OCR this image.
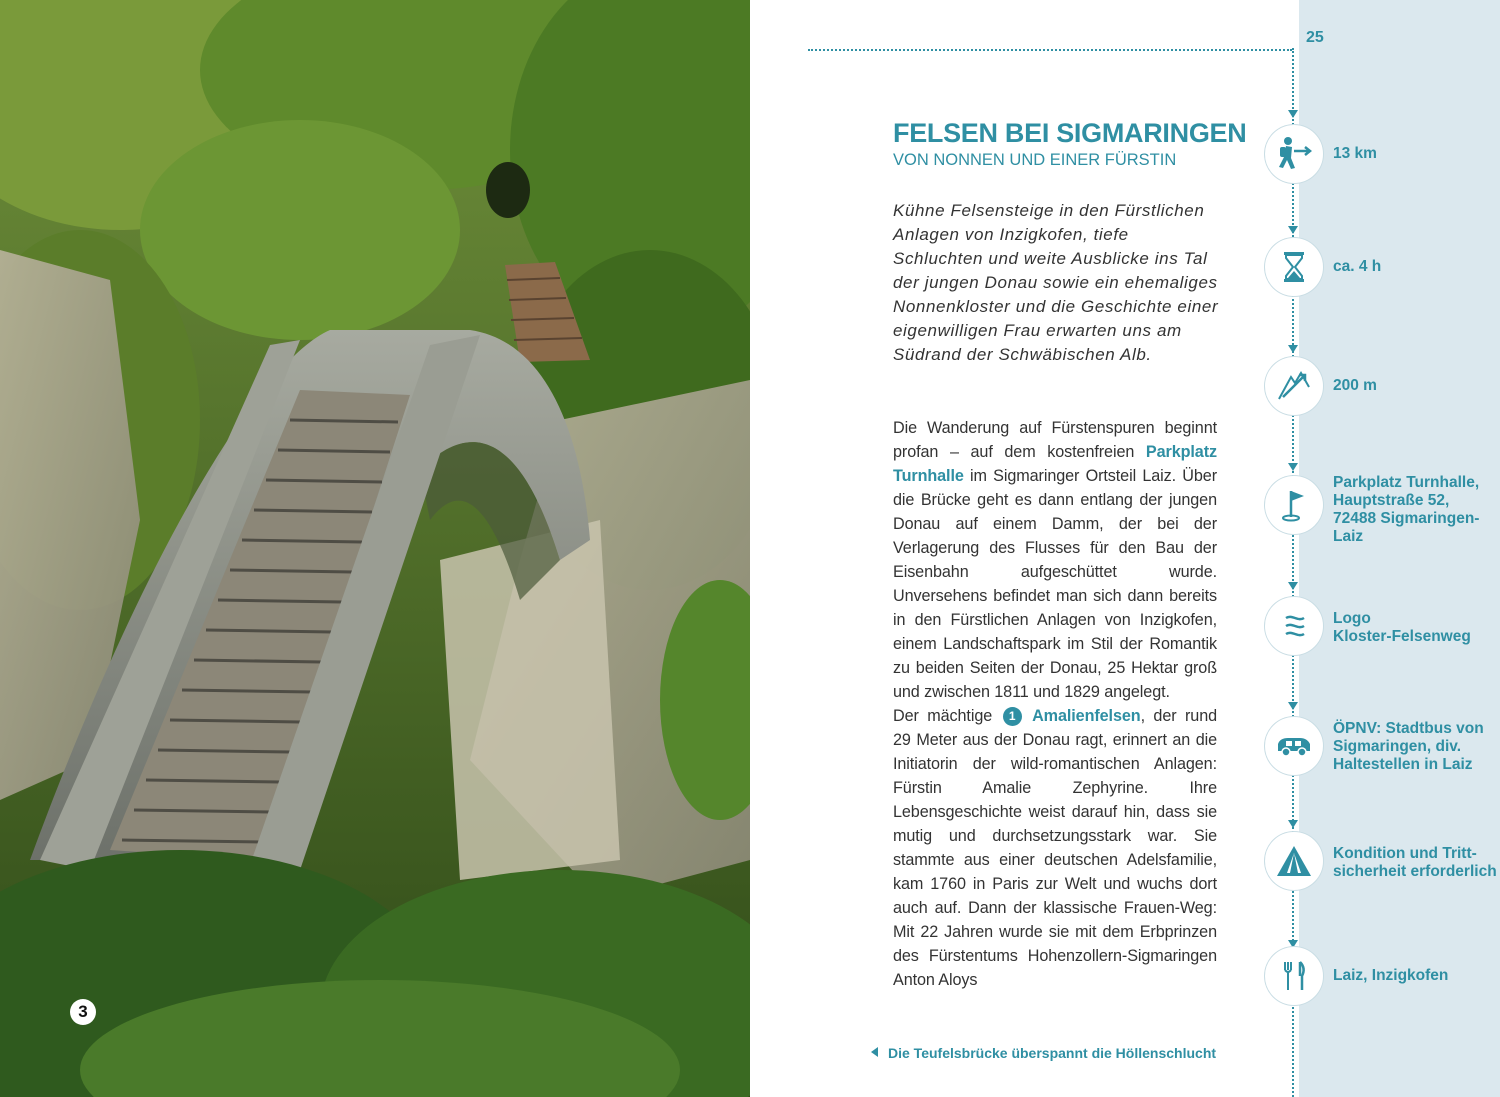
3
25
FELSEN BEI SIGMARINGEN
VON NONNEN UND EINER FÜRSTIN

Kühne Felsensteige in den Fürstlichen Anlagen von Inzigkofen, tiefe Schluchten und weite Ausblicke ins Tal der jungen Donau sowie ein ehemaliges Nonnenkloster und die Geschichte einer eigenwilligen Frau erwarten uns am Südrand der Schwäbischen Alb.

Die Wanderung auf Fürstenspuren beginnt profan – auf dem kostenfreien Parkplatz Turnhalle im Sigmaringer Ortsteil Laiz. Über die Brücke geht es dann entlang der jungen Donau auf einem Damm, der bei der Verlagerung des Flusses für den Bau der Eisenbahn aufgeschüttet wurde. Unversehens befindet man sich dann bereits in den Fürstlichen Anlagen von Inzigkofen, einem Landschaftspark im Stil der Romantik zu beiden Seiten der Donau, 25 Hektar groß und zwischen 1811 und 1829 angelegt.
Der mächtige 1 Amalienfelsen, der rund 29 Meter aus der Donau ragt, erinnert an die Initiatorin der wild-romantischen Anlagen: Fürstin Amalie Zephyrine. Ihre Lebensgeschichte weist darauf hin, dass sie mutig und durchsetzungsstark war. Sie stammte aus einer deutschen Adelsfamilie, kam 1760 in Paris zur Welt und wuchs dort auch auf. Dann der klassische Frauen-Weg: Mit 22 Jahren wurde sie mit dem Erbprinzen des Fürstentums Hohenzollern-Sigmaringen Anton Aloys

Die Teufelsbrücke überspannt die Höllenschlucht
13 km
ca. 4 h
200 m
Parkplatz Turnhalle,
Hauptstraße 52,
72488 Sigmaringen-
Laiz
Logo
Kloster-Felsenweg
ÖPNV: Stadtbus von
Sigmaringen, div.
Haltestellen in Laiz
Kondition und Tritt-
sicherheit erforderlich
Laiz, Inzigkofen
